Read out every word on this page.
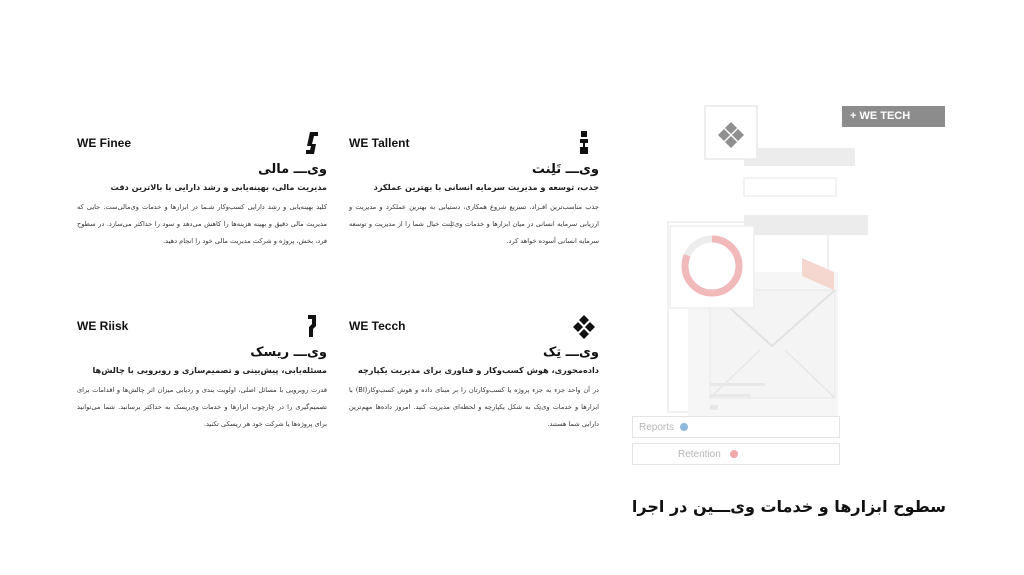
WE Tallent
وی‌ـــ تَلِنت
جذب، توسعه و مدیریت سرمایه انسانی با بهترین عملکرد
جذب مناسب‌ترین افـراد، تسریع شروع همکاری، دستیابی به بهترین عملکرد و مدیریت و ارزیابی سرمایه انسانی در میان ابزارها و خدمات وی‌تَلِنت خیال شما را از مدیریت و توسعه سرمایه انسانی آسوده خواهد کرد.
WE Finee
وی‌ـــ مالی
مدیریت مالی، بهینه‌یابی و رشد دارایی با بالاترین دقت
کلید بهینه‌یابی و رشد دارایی کسب‌وکار شـما در ابزارها و خدمات وی‌مالی‌ست. جایی که مدیریت مالی دقیق و بهینه هزینه‌ها را کاهش می‌دهد و سود را حداکثر می‌سازد. در سطوح فرد، بخش، پروژه و شرکت مدیریت مالی خود را انجام دهید.
WE Tecch
وی‌ـــ تِک
داده‌محوری، هوش کسب‌وکار و فناوری برای مدیریت یکپارچه
در آن واحد جزء به جزء پروژه یا کسب‌وکارتان را بر مبنای داده و هوش کسب‌وکار(BI) با ابزارها و خدمات وی‌تِک به شکل یکپارچه و لحظه‌ای مدیریت کنید. امروز داده‌ها مهم‌ترین دارایی شما هستند.
WE Riisk
وی‌ـــ ریسک
مسئله‌یابی، پیش‌بینی و تصمیم‌سازی و روبرویی با چالش‌ها
قدرت روبرویی با مسائل اصلی، اولویت بندی و ردیابی میزان اثر چالش‌ها و اقدامات برای تصمیم‌گیری را در چارچوب ابزارها و خدمات وی‌ریسک به حداکثر برسانید. شما می‌توانید برای پروژه‌ها یا شرکت خود هر ریسکی تکنید.
+ WE TECH
Reports
Retention
سطوح ابزارها و خدمات وی‌ـــین در اجرا
